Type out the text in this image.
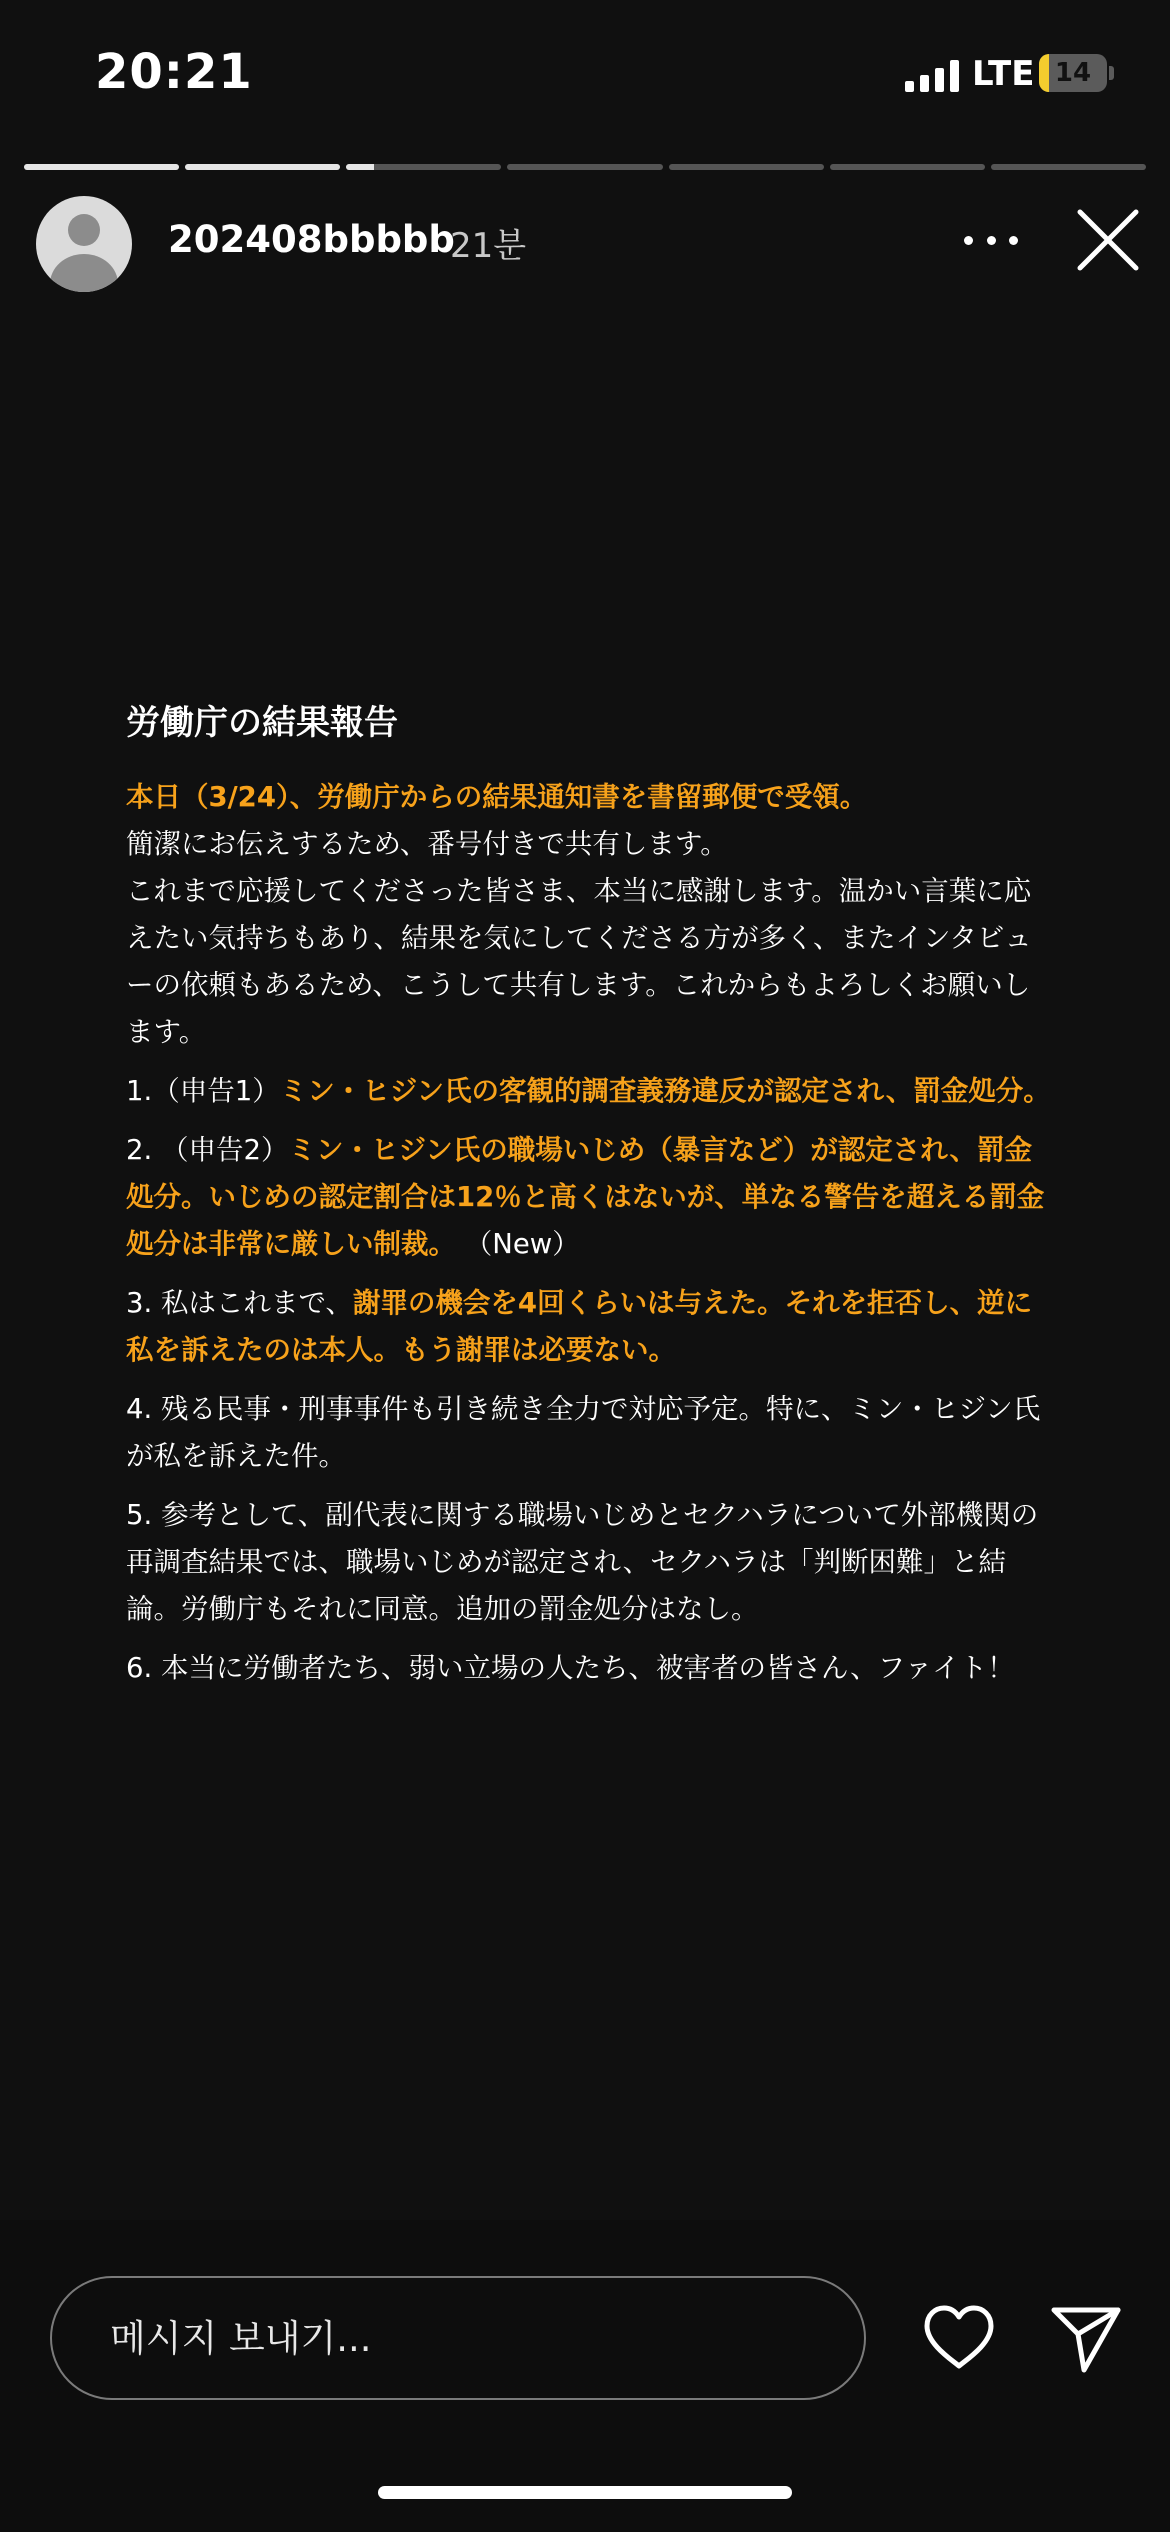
20:21	LTE 14
202408bbbbb
21분
労働庁の結果報告

本日（3/24）、労働庁からの結果通知書を書留郵便で受領。
簡潔にお伝えするため、番号付きで共有します。
これまで応援してくださった皆さま、本当に感謝します。温かい言葉に応えたい気持ちもあり、結果を気にしてくださる方が多く、またインタビューの依頼もあるため、こうして共有します。これからもよろしくお願いします。

1.（申告1）ミン・ヒジン氏の客観的調査義務違反が認定され、罰金処分。

2. （申告2）ミン・ヒジン氏の職場いじめ（暴言など）が認定され、罰金処分。いじめの認定割合は12％と高くはないが、単なる警告を超える罰金処分は非常に厳しい制裁。 （New）

3. 私はこれまで、謝罪の機会を4回くらいは与えた。それを拒否し、逆に私を訴えたのは本人。もう謝罪は必要ない。

4. 残る民事・刑事事件も引き続き全力で対応予定。特に、ミン・ヒジン氏が私を訴えた件。

5. 参考として、副代表に関する職場いじめとセクハラについて外部機関の再調査結果では、職場いじめが認定され、セクハラは「判断困難」と結論。労働庁もそれに同意。追加の罰金処分はなし。

6. 本当に労働者たち、弱い立場の人たち、被害者の皆さん、ファイト！

메시지 보내기...
